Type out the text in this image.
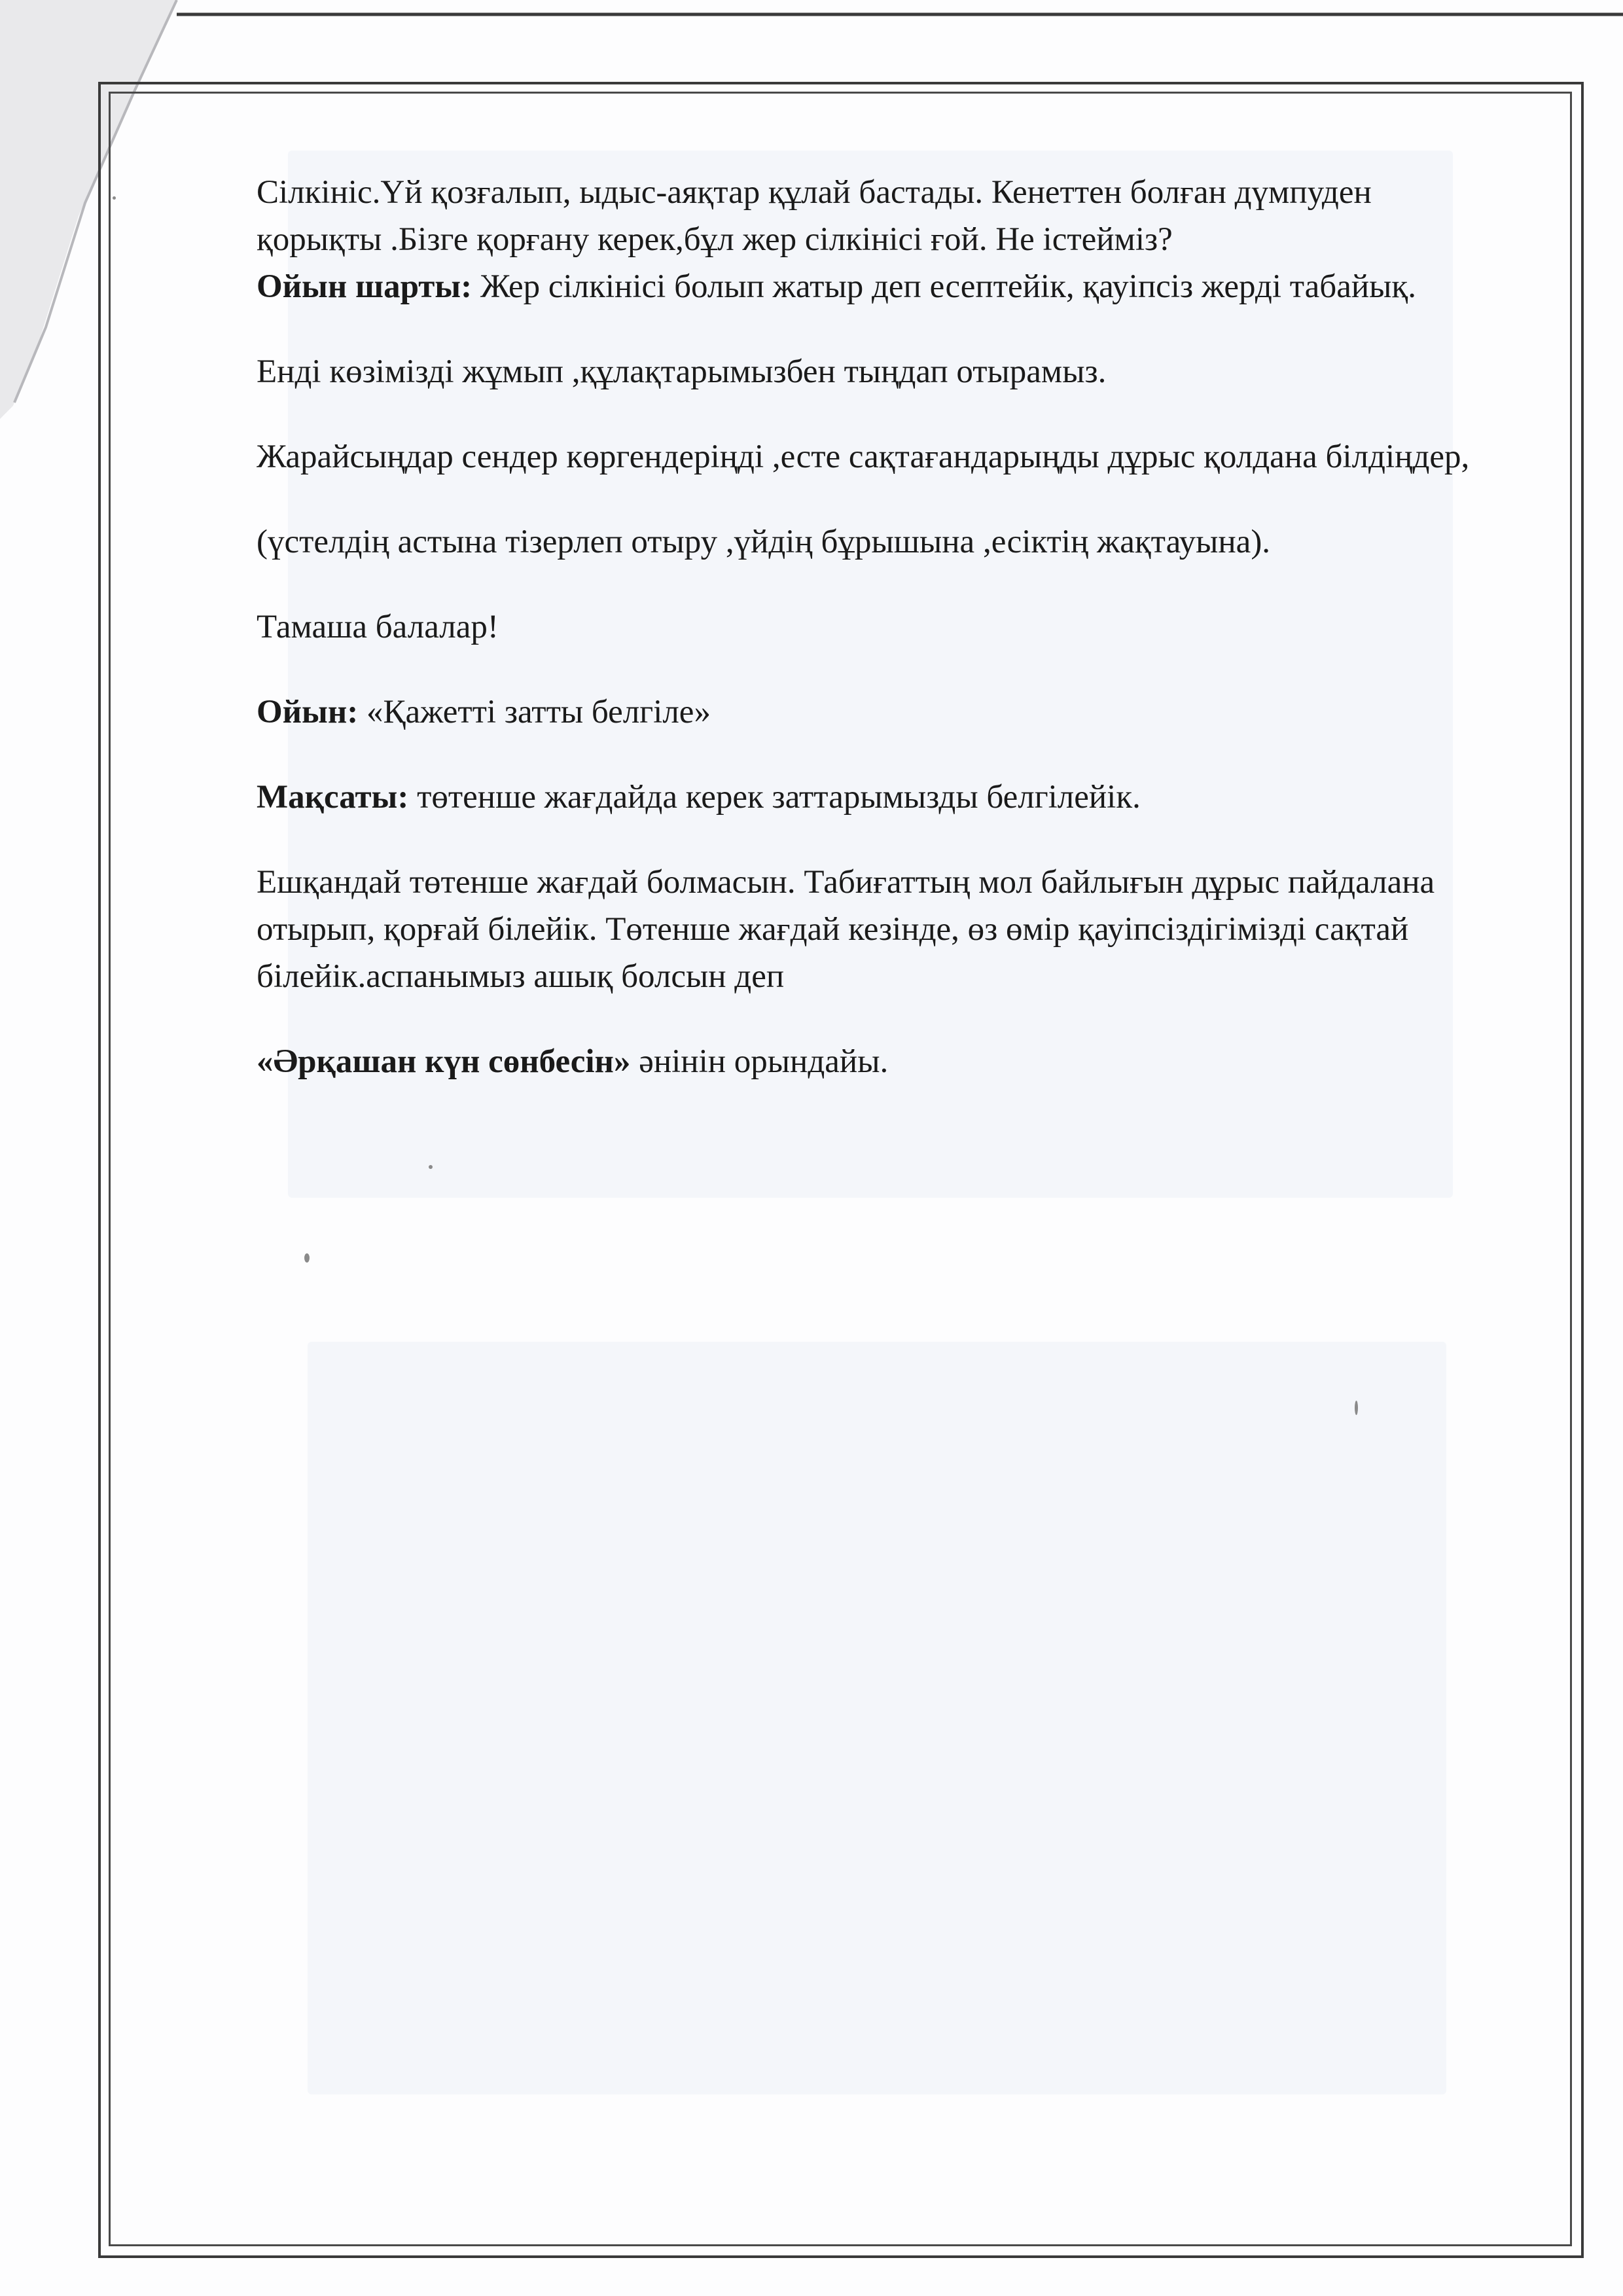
Сілкініс.Үй қозғалып, ыдыс-аяқтар құлай бастады. Кенеттен болған дүмпуден қорықты .Бізге қорғану керек,бұл жер сілкінісі ғой. Не істейміз?

Ойын шарты: Жер сілкінісі болып жатыр деп есептейік, қауіпсіз жерді табайық.

Енді көзімізді жұмып ,құлақтарымызбен тыңдап отырамыз.

Жарайсыңдар сендер көргендеріңді ,есте сақтағандарыңды дұрыс қолдана білдіңдер,

(үстелдің астына тізерлеп отыру ,үйдің бұрышына ,есіктің жақтауына).

Тамаша балалар!

Ойын: «Қажетті затты белгіле»

Мақсаты: төтенше жағдайда керек заттарымызды белгілейік.

Ешқандай төтенше жағдай болмасын. Табиғаттың мол байлығын дұрыс пайдалана отырып, қорғай білейік. Төтенше жағдай кезінде, өз өмір қауіпсіздігімізді сақтай білейік.аспанымыз ашық болсын деп

«Әрқашан күн сөнбесін» әнінін орындайы.
